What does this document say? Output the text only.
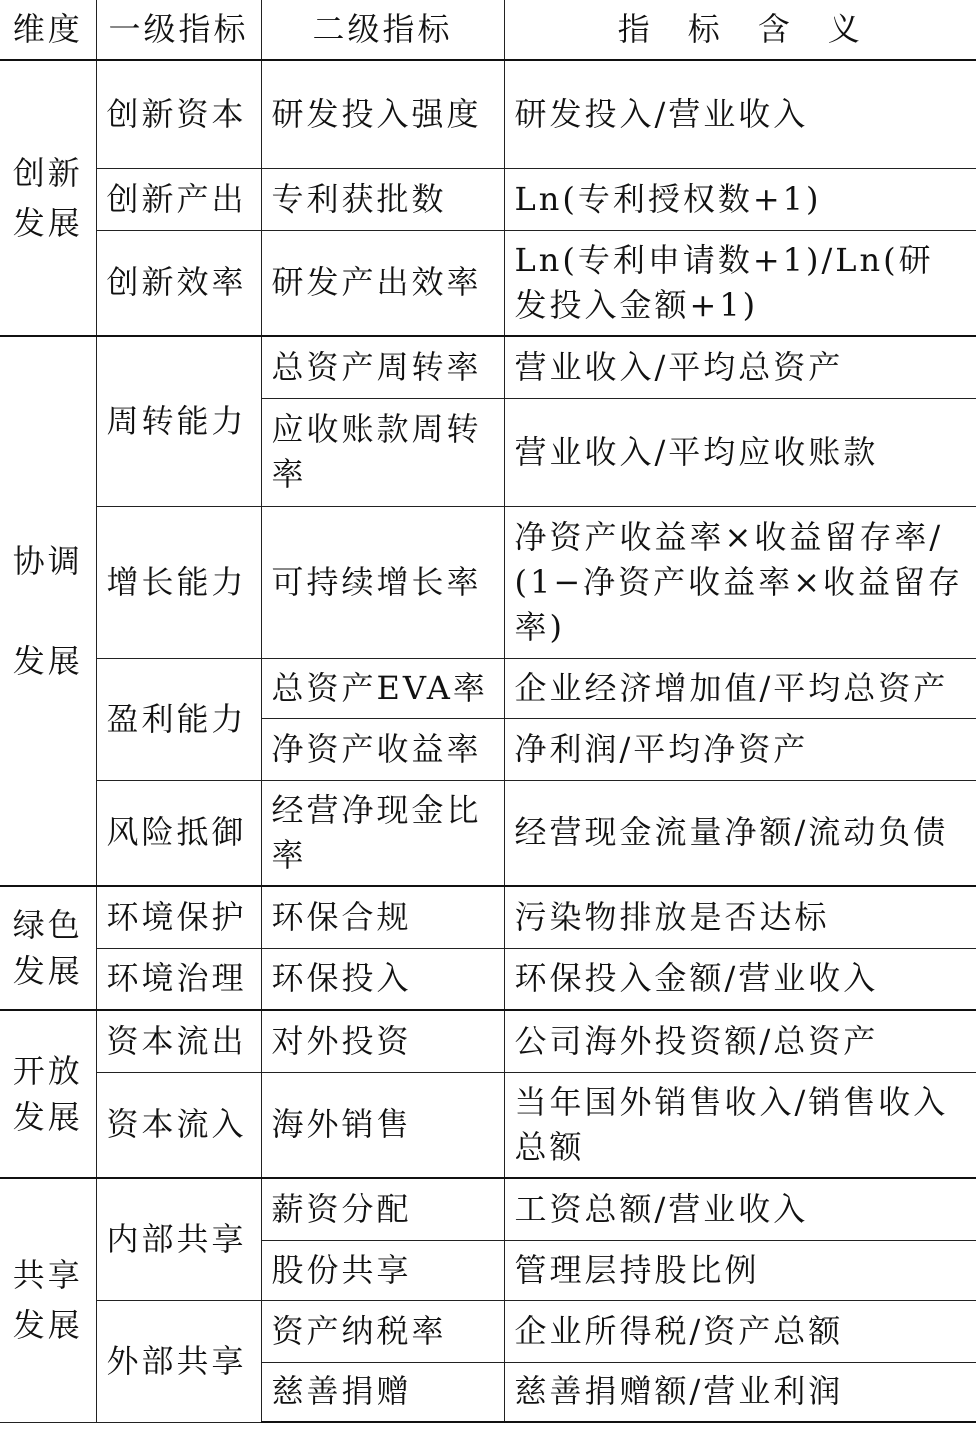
维度	一级指标	二级指标	指　标　含　义
创新发展	创新资本	研发投入强度	研发投入/营业收入
	创新产出	专利获批数	Ln(专利授权数+1)
	创新效率	研发产出效率	Ln(专利申请数+1)/Ln(研发投入金额+1)
协调发展	周转能力	总资产周转率	营业收入/平均总资产
		应收账款周转率	营业收入/平均应收账款
	增长能力	可持续增长率	净资产收益率×收益留存率/(1−净资产收益率×收益留存率)
	盈利能力	总资产EVA率	企业经济增加值/平均总资产
		净资产收益率	净利润/平均净资产
	风险抵御	经营净现金比率	经营现金流量净额/流动负债
绿色发展	环境保护	环保合规	污染物排放是否达标
	环境治理	环保投入	环保投入金额/营业收入
开放发展	资本流出	对外投资	公司海外投资额/总资产
	资本流入	海外销售	当年国外销售收入/销售收入总额
共享发展	内部共享	薪资分配	工资总额/营业收入
		股份共享	管理层持股比例
	外部共享	资产纳税率	企业所得税/资产总额
		慈善捐赠	慈善捐赠额/营业利润
